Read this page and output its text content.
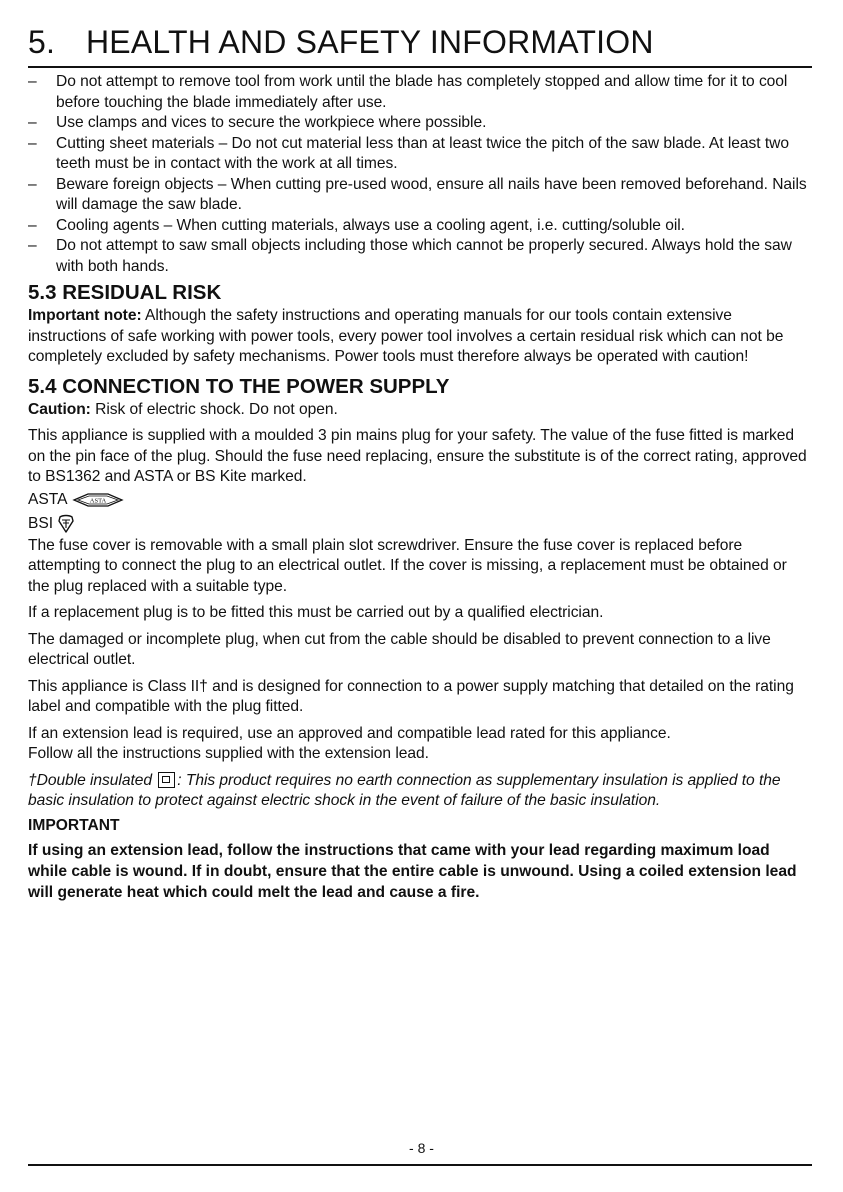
5. HEALTH AND SAFETY INFORMATION
– Do not attempt to remove tool from work until the blade has completely stopped and allow time for it to cool before touching the blade immediately after use.
– Use clamps and vices to secure the workpiece where possible.
– Cutting sheet materials – Do not cut material less than at least twice the pitch of the saw blade. At least two teeth must be in contact with the work at all times.
– Beware foreign objects – When cutting pre-used wood, ensure all nails have been removed beforehand. Nails will damage the saw blade.
– Cooling agents – When cutting materials, always use a cooling agent, i.e. cutting/soluble oil.
– Do not attempt to saw small objects including those which cannot be properly secured. Always hold the saw with both hands.
5.3 RESIDUAL RISK

Important note: Although the safety instructions and operating manuals for our tools contain extensive instructions of safe working with power tools, every power tool involves a certain residual risk which can not be completely excluded by safety mechanisms. Power tools must therefore always be operated with caution!

5.4 CONNECTION TO THE POWER SUPPLY

Caution: Risk of electric shock. Do not open.

This appliance is supplied with a moulded 3 pin mains plug for your safety. The value of the fuse fitted is marked on the pin face of the plug. Should the fuse need replacing, ensure the substitute is of the correct rating, approved to BS1362 and ASTA or BS Kite marked.

ASTA	ASTA
BSI

The fuse cover is removable with a small plain slot screwdriver. Ensure the fuse cover is replaced before attempting to connect the plug to an electrical outlet. If the cover is missing, a replacement must be obtained or the plug replaced with a suitable type.

If a replacement plug is to be fitted this must be carried out by a qualified electrician.

The damaged or incomplete plug, when cut from the cable should be disabled to prevent connection to a live electrical outlet.

This appliance is Class II† and is designed for connection to a power supply matching that detailed on the rating label and compatible with the plug fitted.

If an extension lead is required, use an approved and compatible lead rated for this appliance.

Follow all the instructions supplied with the extension lead.

†Double insulated : This product requires no earth connection as supplementary insulation is applied to the basic insulation to protect against electric shock in the event of failure of the basic insulation.

IMPORTANT
If using an extension lead, follow the instructions that came with your lead regarding maximum load while cable is wound. If in doubt, ensure that the entire cable is unwound. Using a coiled extension lead will generate heat which could melt the lead and cause a fire.
- 8 -
